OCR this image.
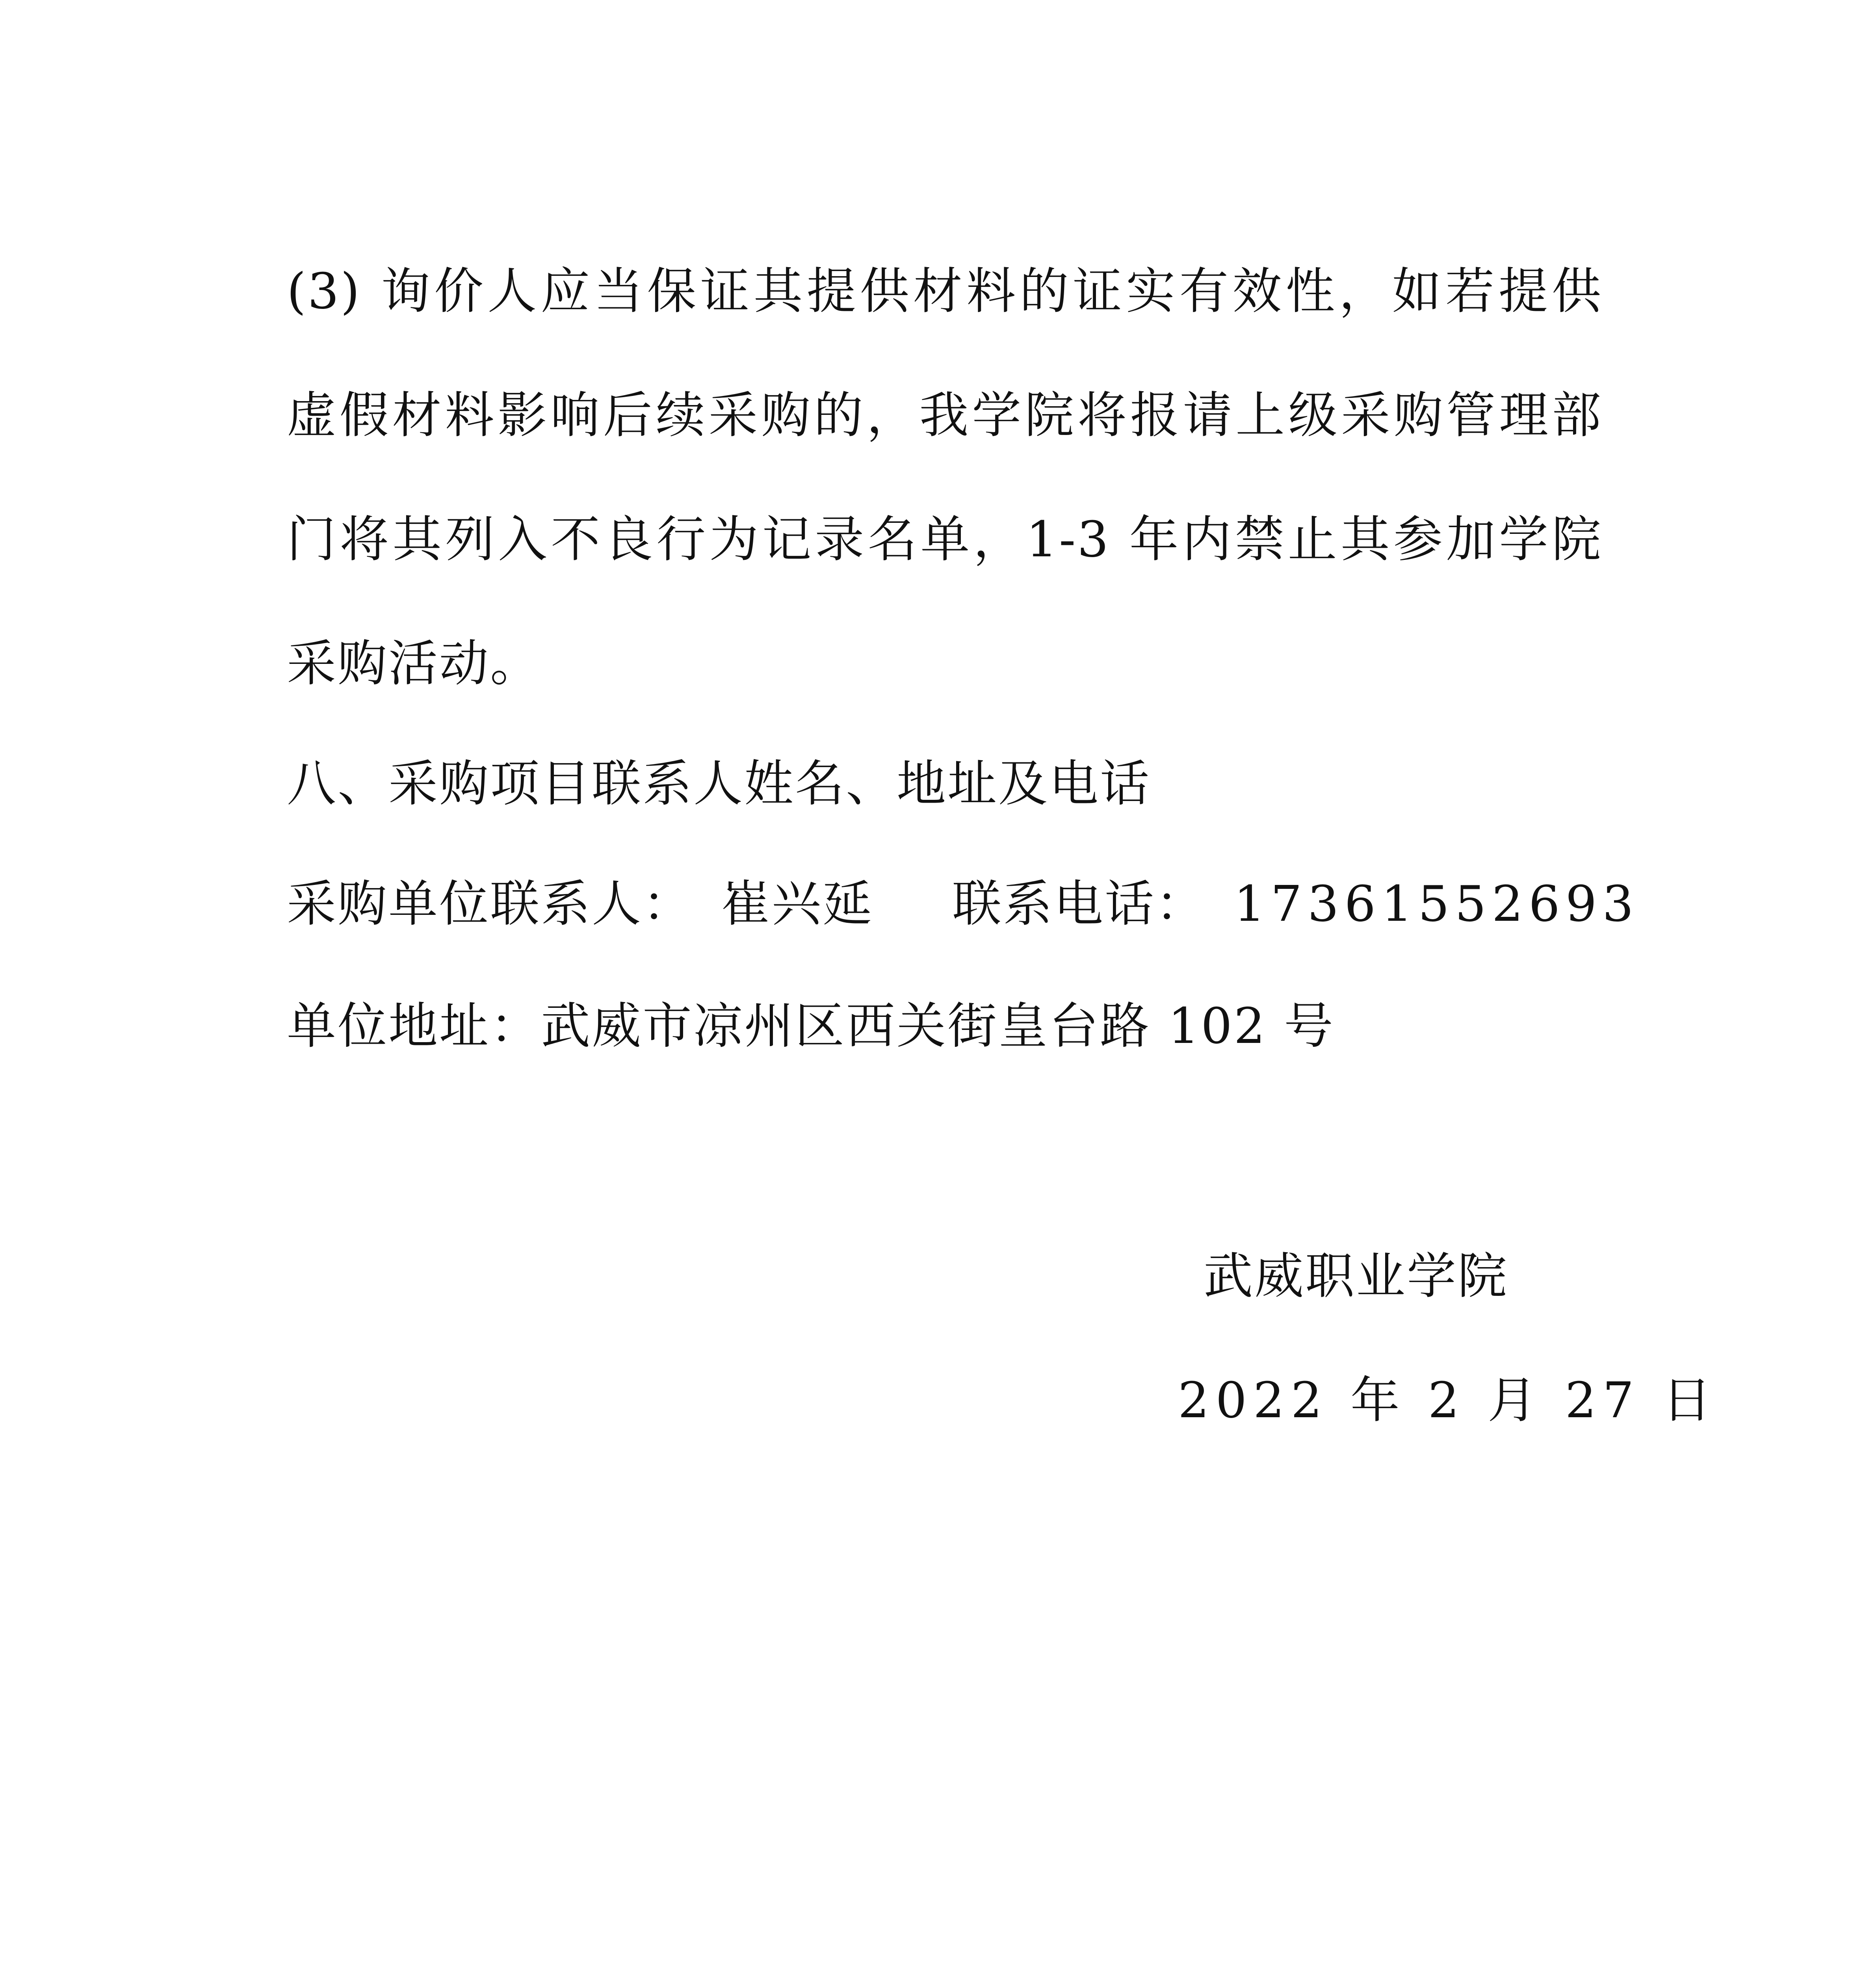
(3) 询价人应当保证其提供材料的证实有效性，如若提供
虚假材料影响后续采购的，我学院将报请上级采购管理部
门将其列入不良行为记录名单，1-3 年内禁止其参加学院
采购活动。
八、采购项目联系人姓名、地址及电话
采购单位联系人： 崔兴延 联系电话： 17361552693
单位地址：武威市凉州区西关街皇台路 102 号
武威职业学院
2022 年 2 月 27 日
